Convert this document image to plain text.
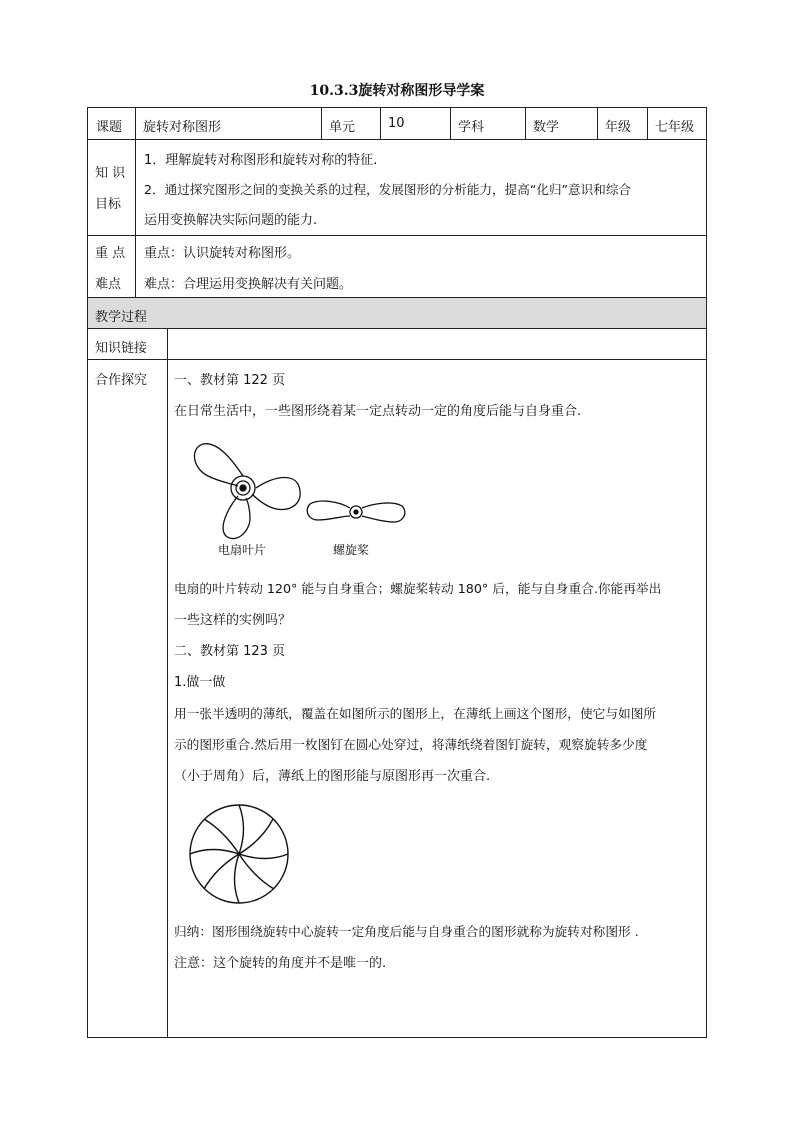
10.3.3旋转对称图形导学案
课题 旋转对称图形	单元	10	学科	数学	年级 七年级
知 识
目标
1．理解旋转对称图形和旋转对称的特征.
2．通过探究图形之间的变换关系的过程，发展图形的分析能力，提高“化归”意识和综合
运用变换解决实际问题的能力.
重 点
难点
重点：认识旋转对称图形。
难点：合理运用变换解决有关问题。
教学过程
知识链接
合作探究 一、教材第 122 页
在日常生活中，一些图形绕着某一定点转动一定的角度后能与自身重合.
电扇叶片	螺旋桨
电扇的叶片转动 120° 能与自身重合；螺旋桨转动 180° 后，能与自身重合.你能再举出
一些这样的实例吗？
二、教材第 123 页
1.做一做
用一张半透明的薄纸，覆盖在如图所示的图形上，在薄纸上画这个图形，使它与如图所
示的图形重合.然后用一枚图钉在圆心处穿过，将薄纸绕着图钉旋转，观察旋转多少度
（小于周角）后，薄纸上的图形能与原图形再一次重合.
归纳：图形围绕旋转中心旋转一定角度后能与自身重合的图形就称为旋转对称图形 .
注意：这个旋转的角度并不是唯一的.
